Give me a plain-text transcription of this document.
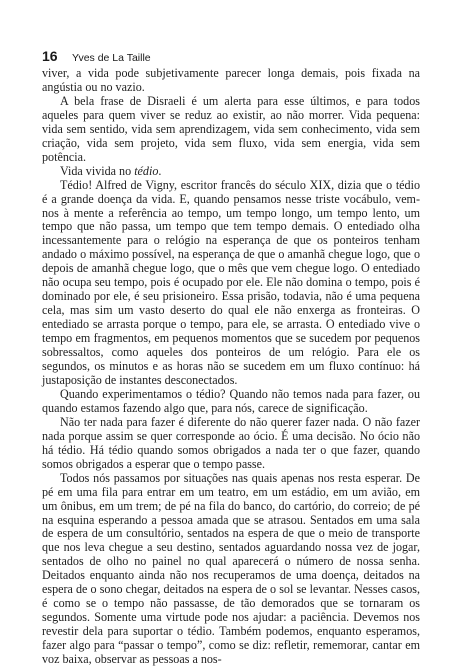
16 Yves de La Taille

viver, a vida pode subjetivamente parecer longa demais, pois fixada na angústia ou no vazio.

A bela frase de Disraeli é um alerta para esse últimos, e para todos aqueles para quem viver se reduz ao existir, ao não morrer. Vida pequena: vida sem sentido, vida sem aprendizagem, vida sem conhecimento, vida sem criação, vida sem projeto, vida sem fluxo, vida sem energia, vida sem potência.

Vida vivida no tédio.

Tédio! Alfred de Vigny, escritor francês do século XIX, dizia que o tédio é a grande doença da vida. E, quando pensamos nesse triste vocábulo, vem-nos à mente a referência ao tempo, um tempo longo, um tempo lento, um tempo que não passa, um tempo que tem tempo demais. O entediado olha incessantemente para o relógio na esperança de que os ponteiros tenham andado o máximo possível, na esperança de que o amanhã chegue logo, que o depois de amanhã chegue logo, que o mês que vem chegue logo. O entediado não ocupa seu tempo, pois é ocupado por ele. Ele não domina o tempo, pois é dominado por ele, é seu prisioneiro. Essa prisão, todavia, não é uma pequena cela, mas sim um vasto deserto do qual ele não enxerga as fronteiras. O entediado se arrasta porque o tempo, para ele, se arrasta. O entediado vive o tempo em fragmentos, em pequenos momentos que se sucedem por pequenos sobressaltos, como aqueles dos ponteiros de um relógio. Para ele os segundos, os minutos e as horas não se sucedem em um fluxo contínuo: há justaposição de instantes desconectados.

Quando experimentamos o tédio? Quando não temos nada para fazer, ou quando estamos fazendo algo que, para nós, carece de significação.

Não ter nada para fazer é diferente do não querer fazer nada. O não fazer nada porque assim se quer corresponde ao ócio. É uma decisão. No ócio não há tédio. Há tédio quando somos obrigados a nada ter o que fazer, quando somos obrigados a esperar que o tempo passe.

Todos nós passamos por situações nas quais apenas nos resta esperar. De pé em uma fila para entrar em um teatro, em um estádio, em um avião, em um ônibus, em um trem; de pé na fila do banco, do cartório, do correio; de pé na esquina esperando a pessoa amada que se atrasou. Sentados em uma sala de espera de um consultório, sentados na espera de que o meio de transporte que nos leva chegue a seu destino, sentados aguardando nossa vez de jogar, sentados de olho no painel no qual aparecerá o número de nossa senha. Deitados enquanto ainda não nos recuperamos de uma doença, deitados na espera de o sono chegar, deitados na espera de o sol se levantar. Nesses casos, é como se o tempo não passasse, de tão demorados que se tornaram os segundos. Somente uma virtude pode nos ajudar: a paciência. Devemos nos revestir dela para suportar o tédio. Também podemos, enquanto esperamos, fazer algo para “passar o tempo”, como se diz: refletir, rememorar, cantar em voz baixa, observar as pessoas a nos-
